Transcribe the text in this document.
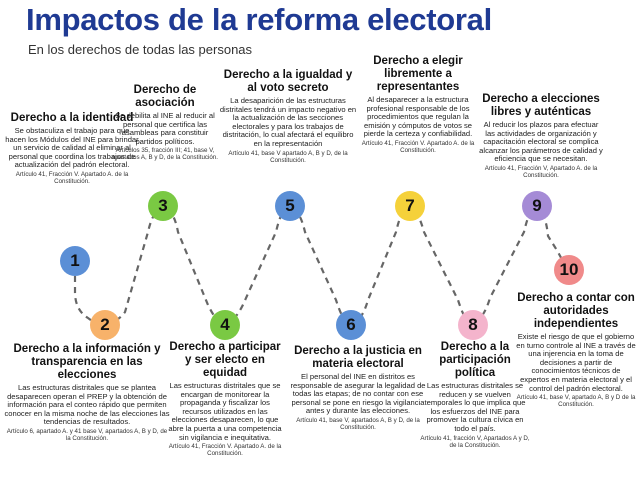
Impactos de la reforma electoral
En los derechos de todas las personas

Derecho a la identidad

Se obstaculiza el trabajo para que hacen los Módulos del INE para brindar un servicio de calidad al eliminar al personal que coordina los trabajos de actualización del padrón electoral.

Artículo 41, Fracción V. Apartado A. de la Constitución.

1
2

Derecho a la información y transparencia en las elecciones

Las estructuras distritales que se plantea desaparecen operan el PREP y la obtención de información para el conteo rápido que permiten conocer en la misma noche de las elecciones las tendencias de resultados.

Artículo 6, apartado A. y 41 base V, apartados A, B y D, de la Constitución.

Derecho de asociación

Se debilita al INE al reducir al personal que certifica las asambleas para constituir partidos políticos.

Artículos 35, fracción III; 41, base V, apartados A, B y D, de la Constitución.

3
4

Derecho a participar y ser electo en equidad

Las estructuras distritales que se encargan de monitorear la propaganda y fiscalizar los recursos utilizados en las elecciones desaparecen, lo que abre la puerta a una competencia sin vigilancia e inequitativa.

Artículo 41, Fracción V. Apartado A. de la Constitución.

Derecho a la igualdad y al voto secreto

La desaparición de las estructuras distritales tendrá un impacto negativo en la actualización de las secciones electorales y para los trabajos de distritación, lo cual afectará el equilibro en la representación

Artículo 41, base V apartado A, B y D, de la Constitución.

5
6

Derecho a la justicia en materia electoral

El personal del INE en distritos es responsable de asegurar la legalidad de todas las etapas; de no contar con ese personal se pone en riesgo la vigilancia antes y durante las elecciones.

Artículo 41, base V, apartados A, B y D, de la Constitución.

Derecho a elegir libremente a representantes

Al desaparecer a la estructura profesional responsable de los procedimientos que regulan la emisión y cómputos de votos se pierde la certeza y confiabilidad.

Artículo 41, Fracción V. Apartado A. de la Constitución.

7
8

Derecho a la participación política

Las estructuras distritales se reducen y se vuelven temporales lo que implica que los esfuerzos del INE para promover la cultura cívica en todo el país.

Artículo 41, fracción V, Apartados A y D, de la Constitución.

Derecho a elecciones libres y auténticas

Al reducir los plazos para efectuar las actividades de organización y capacitación electoral se complica alcanzar los parámetros de calidad y eficiencia que se necesitan.

Artículo 41, Fracción V, Apartado A. de la Constitución.

9
10

Derecho a contar con autoridades independientes

Existe el riesgo de que el gobierno en turno controle al INE a través de una injerencia en la toma de decisiones a partir de conocimientos técnicos de expertos en materia electoral y el control del padrón electoral.

Artículo 41, base V, apartado A, B y D de la Constitución.
